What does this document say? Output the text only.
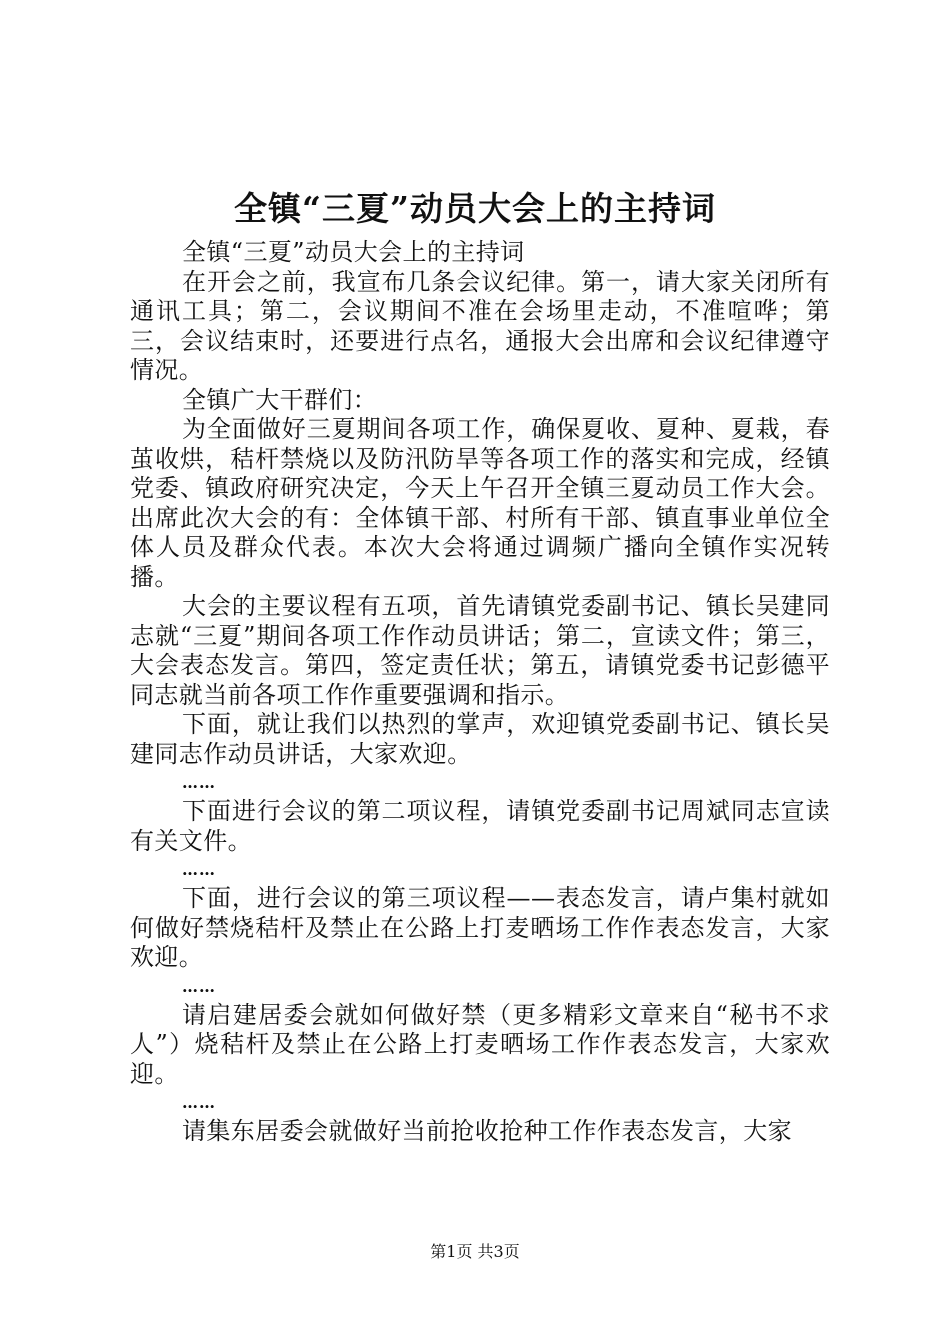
全镇“三夏”动员大会上的主持词

全镇“三夏”动员大会上的主持词

在开会之前，我宣布几条会议纪律。第一，请大家关闭所有通讯工具；第二，会议期间不准在会场里走动，不准喧哗；第三，会议结束时，还要进行点名，通报大会出席和会议纪律遵守情况。

全镇广大干群们：

为全面做好三夏期间各项工作，确保夏收、夏种、夏栽，春茧收烘，秸杆禁烧以及防汛防旱等各项工作的落实和完成，经镇党委、镇政府研究决定，今天上午召开全镇三夏动员工作大会。出席此次大会的有：全体镇干部、村所有干部、镇直事业单位全体人员及群众代表。本次大会将通过调频广播向全镇作实况转播。

大会的主要议程有五项，首先请镇党委副书记、镇长吴建同志就“三夏”期间各项工作作动员讲话；第二，宣读文件；第三，大会表态发言。第四，签定责任状；第五，请镇党委书记彭德平同志就当前各项工作作重要强调和指示。

下面，就让我们以热烈的掌声，欢迎镇党委副书记、镇长吴建同志作动员讲话，大家欢迎。

……

下面进行会议的第二项议程，请镇党委副书记周斌同志宣读有关文件。

……

下面，进行会议的第三项议程——表态发言，请卢集村就如何做好禁烧秸杆及禁止在公路上打麦晒场工作作表态发言，大家欢迎。

……

请启建居委会就如何做好禁（更多精彩文章来自“秘书不求人”）烧秸杆及禁止在公路上打麦晒场工作作表态发言，大家欢迎。

……

请集东居委会就做好当前抢收抢种工作作表态发言，大家

第1页 共3页
